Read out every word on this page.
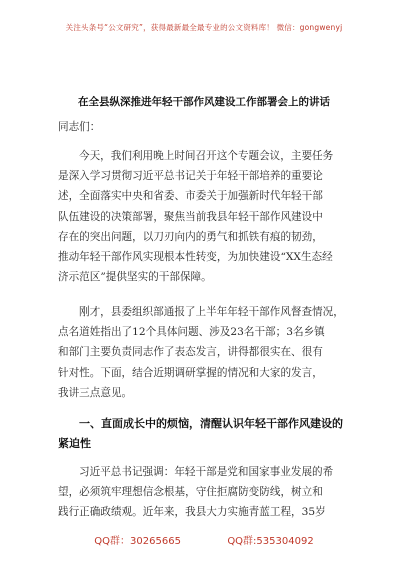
关注头条号“公文研究”，获得最新最全最专业的公文资料库！ 微信：gongwenyj
在全县纵深推进年轻干部作风建设工作部署会上的讲话
同志们：
今天，我们利用晚上时间召开这个专题会议，主要任务
是深入学习贯彻习近平总书记关于年轻干部培养的重要论
述，全面落实中央和省委、市委关于加强新时代年轻干部
队伍建设的决策部署，聚焦当前我县年轻干部作风建设中
存在的突出问题，以刀刃向内的勇气和抓铁有痕的韧劲，
推动年轻干部作风实现根本性转变，为加快建设“XX生态经
济示范区”提供坚实的干部保障。
刚才，县委组织部通报了上半年年轻干部作风督查情况，
点名道姓指出了12个具体问题、涉及23名干部；3名乡镇
和部门主要负责同志作了表态发言，讲得都很实在、很有
针对性。下面，结合近期调研掌握的情况和大家的发言，
我讲三点意见。
一、直面成长中的烦恼，清醒认识年轻干部作风建设的
紧迫性
习近平总书记强调：年轻干部是党和国家事业发展的希
望，必须筑牢理想信念根基，守住拒腐防变防线，树立和
践行正确政绩观。近年来，我县大力实施青蓝工程，35岁
QQ群：30265665	QQ群:535304092
